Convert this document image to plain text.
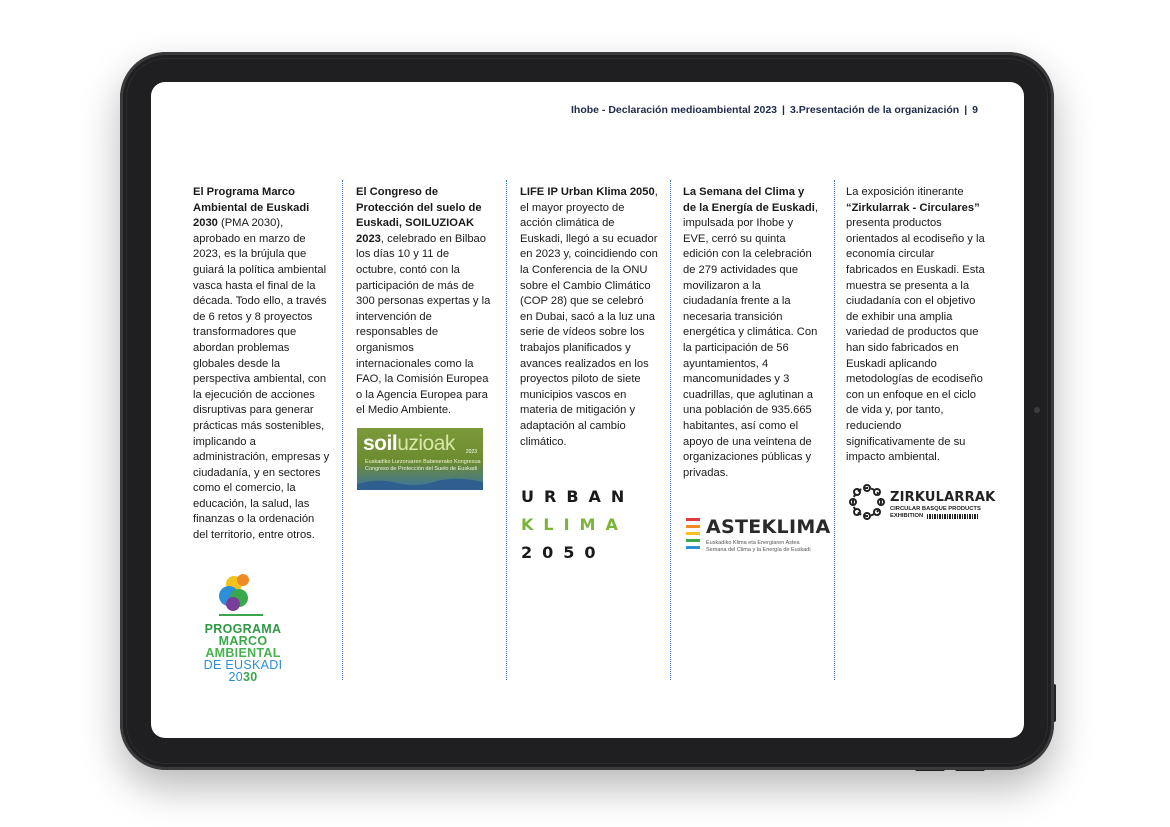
Ihobe - Declaración medioambiental 2023 | 3.Presentación de la organización | 9
El Programa Marco Ambiental de Euskadi 2030 (PMA 2030), aprobado en marzo de 2023, es la brújula que guiará la política ambiental vasca hasta el final de la década. Todo ello, a través de 6 retos y 8 proyectos transformadores que abordan problemas globales desde la perspectiva ambiental, con la ejecución de acciones disruptivas para generar prácticas más sostenibles, implicando a administración, empresas y ciudadanía, y en sectores como el comercio, la educación, la salud, las finanzas o la ordenación del territorio, entre otros.
El Congreso de Protección del suelo de Euskadi, SOILUZIOAK 2023, celebrado en Bilbao los días 10 y 11 de octubre, contó con la participación de más de 300 personas expertas y la intervención de responsables de organismos internacionales como la FAO, la Comisión Europea o la Agencia Europea para el Medio Ambiente.
LIFE IP Urban Klima 2050, el mayor proyecto de acción climática de Euskadi, llegó a su ecuador en 2023 y, coincidiendo con la Conferencia de la ONU sobre el Cambio Climático (COP 28) que se celebró en Dubai, sacó a la luz una serie de vídeos sobre los trabajos planificados y avances realizados en los proyectos piloto de siete municipios vascos en materia de mitigación y adaptación al cambio climático.
La Semana del Clima y de la Energía de Euskadi, impulsada por Ihobe y EVE, cerró su quinta edición con la celebración de 279 actividades que movilizaron a la ciudadanía frente a la necesaria transición energética y climática. Con la participación de 56 ayuntamientos, 4 mancomunidades y 3 cuadrillas, que aglutinan a una población de 935.665 habitantes, así como el apoyo de una veintena de organizaciones públicas y privadas.
La exposición itinerante “Zirkularrak - Circulares” presenta productos orientados al ecodiseño y la economía circular fabricados en Euskadi. Esta muestra se presenta a la ciudadanía con el objetivo de exhibir una amplia variedad de productos que han sido fabricados en Euskadi aplicando metodologías de ecodiseño con un enfoque en el ciclo de vida y, por tanto, reduciendo significativamente de su impacto ambiental.
PROGRAMA
MARCO
AMBIENTAL
DE EUSKADI
2030
soiluzioak 2023
Euskadiko Lurzoruaren Babeserako Kongresua
Congreso de Protección del Suelo de Euskadi
URBAN
KLIMA
2050
ASTEKLIMA
Euskadiko Klima eta Energiaren Astea
Semana del Clima y la Energía de Euskadi
ZIRKULARRAK
CIRCULAR BASQUE PRODUCTS
EXHIBITION
